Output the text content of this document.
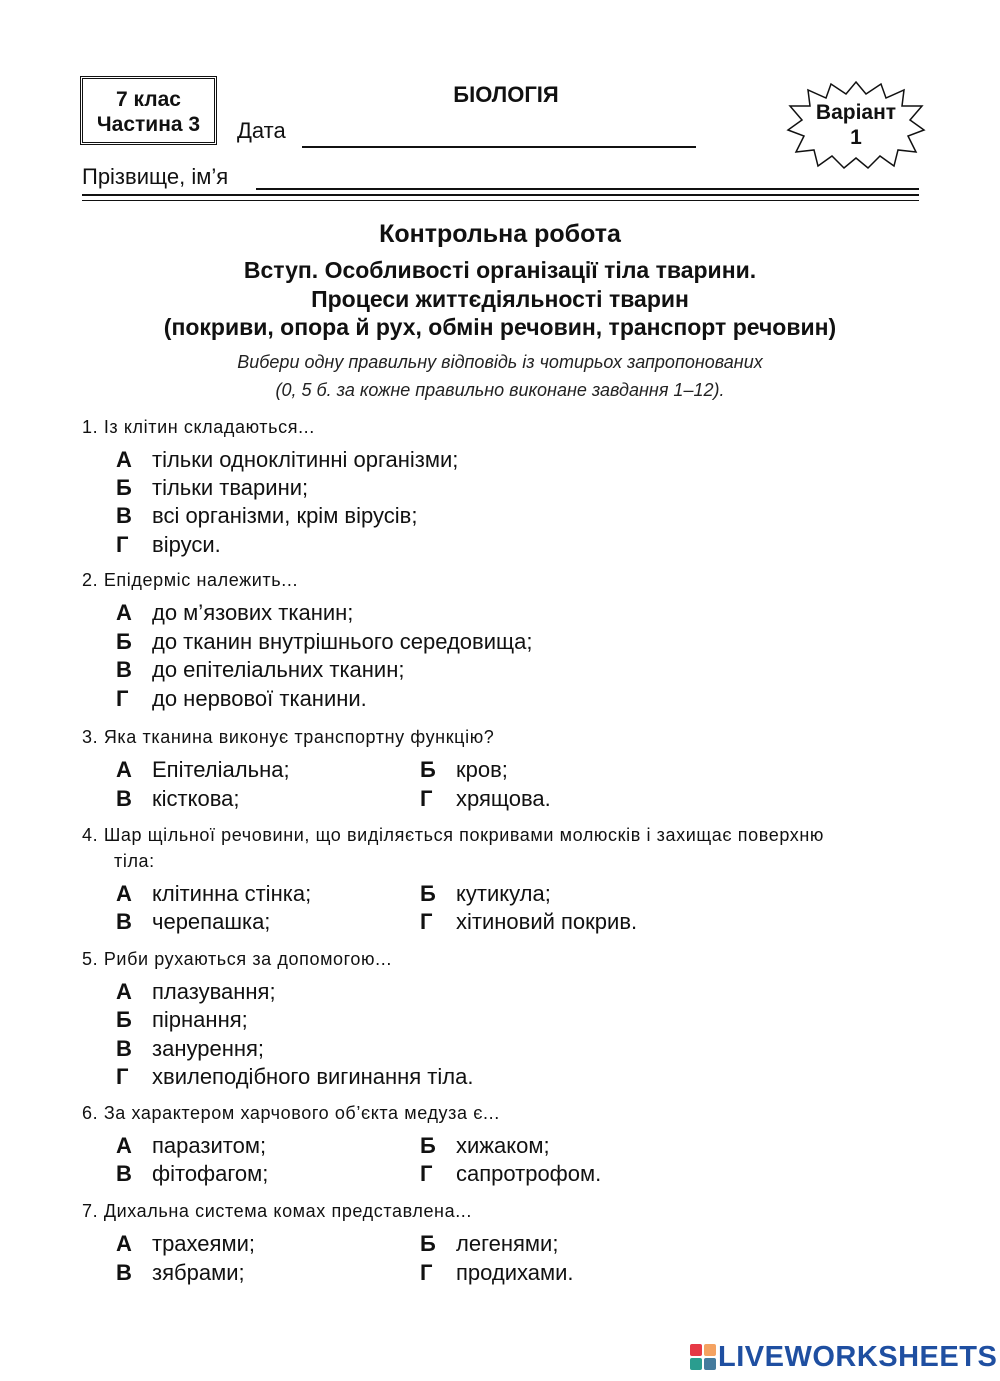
7 клас
Частина 3
БІОЛОГІЯ
Дата
Варіант
1
Прізвище, ім’я
Контрольна робота
Вступ. Особливості організації тіла тварини.
Процеси життєдіяльності тварин
(покриви, опора й рух, обмін речовин, транспорт речовин)
Вибери одну правильну відповідь із чотирьох запропонованих
(0, 5 б. за кожне правильно виконане завдання 1–12).
1. Із клітин складаються...
А тільки одноклітинні організми;
Б тільки тварини;
В всі організми, крім вірусів;
Г віруси.
2. Епідерміс належить...
А до м’язових тканин;
Б до тканин внутрішнього середовища;
В до епітеліальних тканин;
Г до нервової тканини.
3. Яка тканина виконує транспортну функцію?
А Епітеліальна;	Б кров;
В кісткова;	Г хрящова.
4. Шар щільної речовини, що виділяється покривами молюсків і захищає поверхню
тіла:
А клітинна стінка;	Б кутикула;
В черепашка;	Г хітиновий покрив.
5. Риби рухаються за допомогою...
А плазування;
Б пірнання;
В занурення;
Г хвилеподібного вигинання тіла.
6. За характером харчового об’єкта медуза є...
А паразитом;	Б хижаком;
В фітофагом;	Г сапротрофом.
7. Дихальна система комах представлена...
А трахеями;	Б легенями;
В зябрами;	Г продихами.
LIVEWORKSHEETS
